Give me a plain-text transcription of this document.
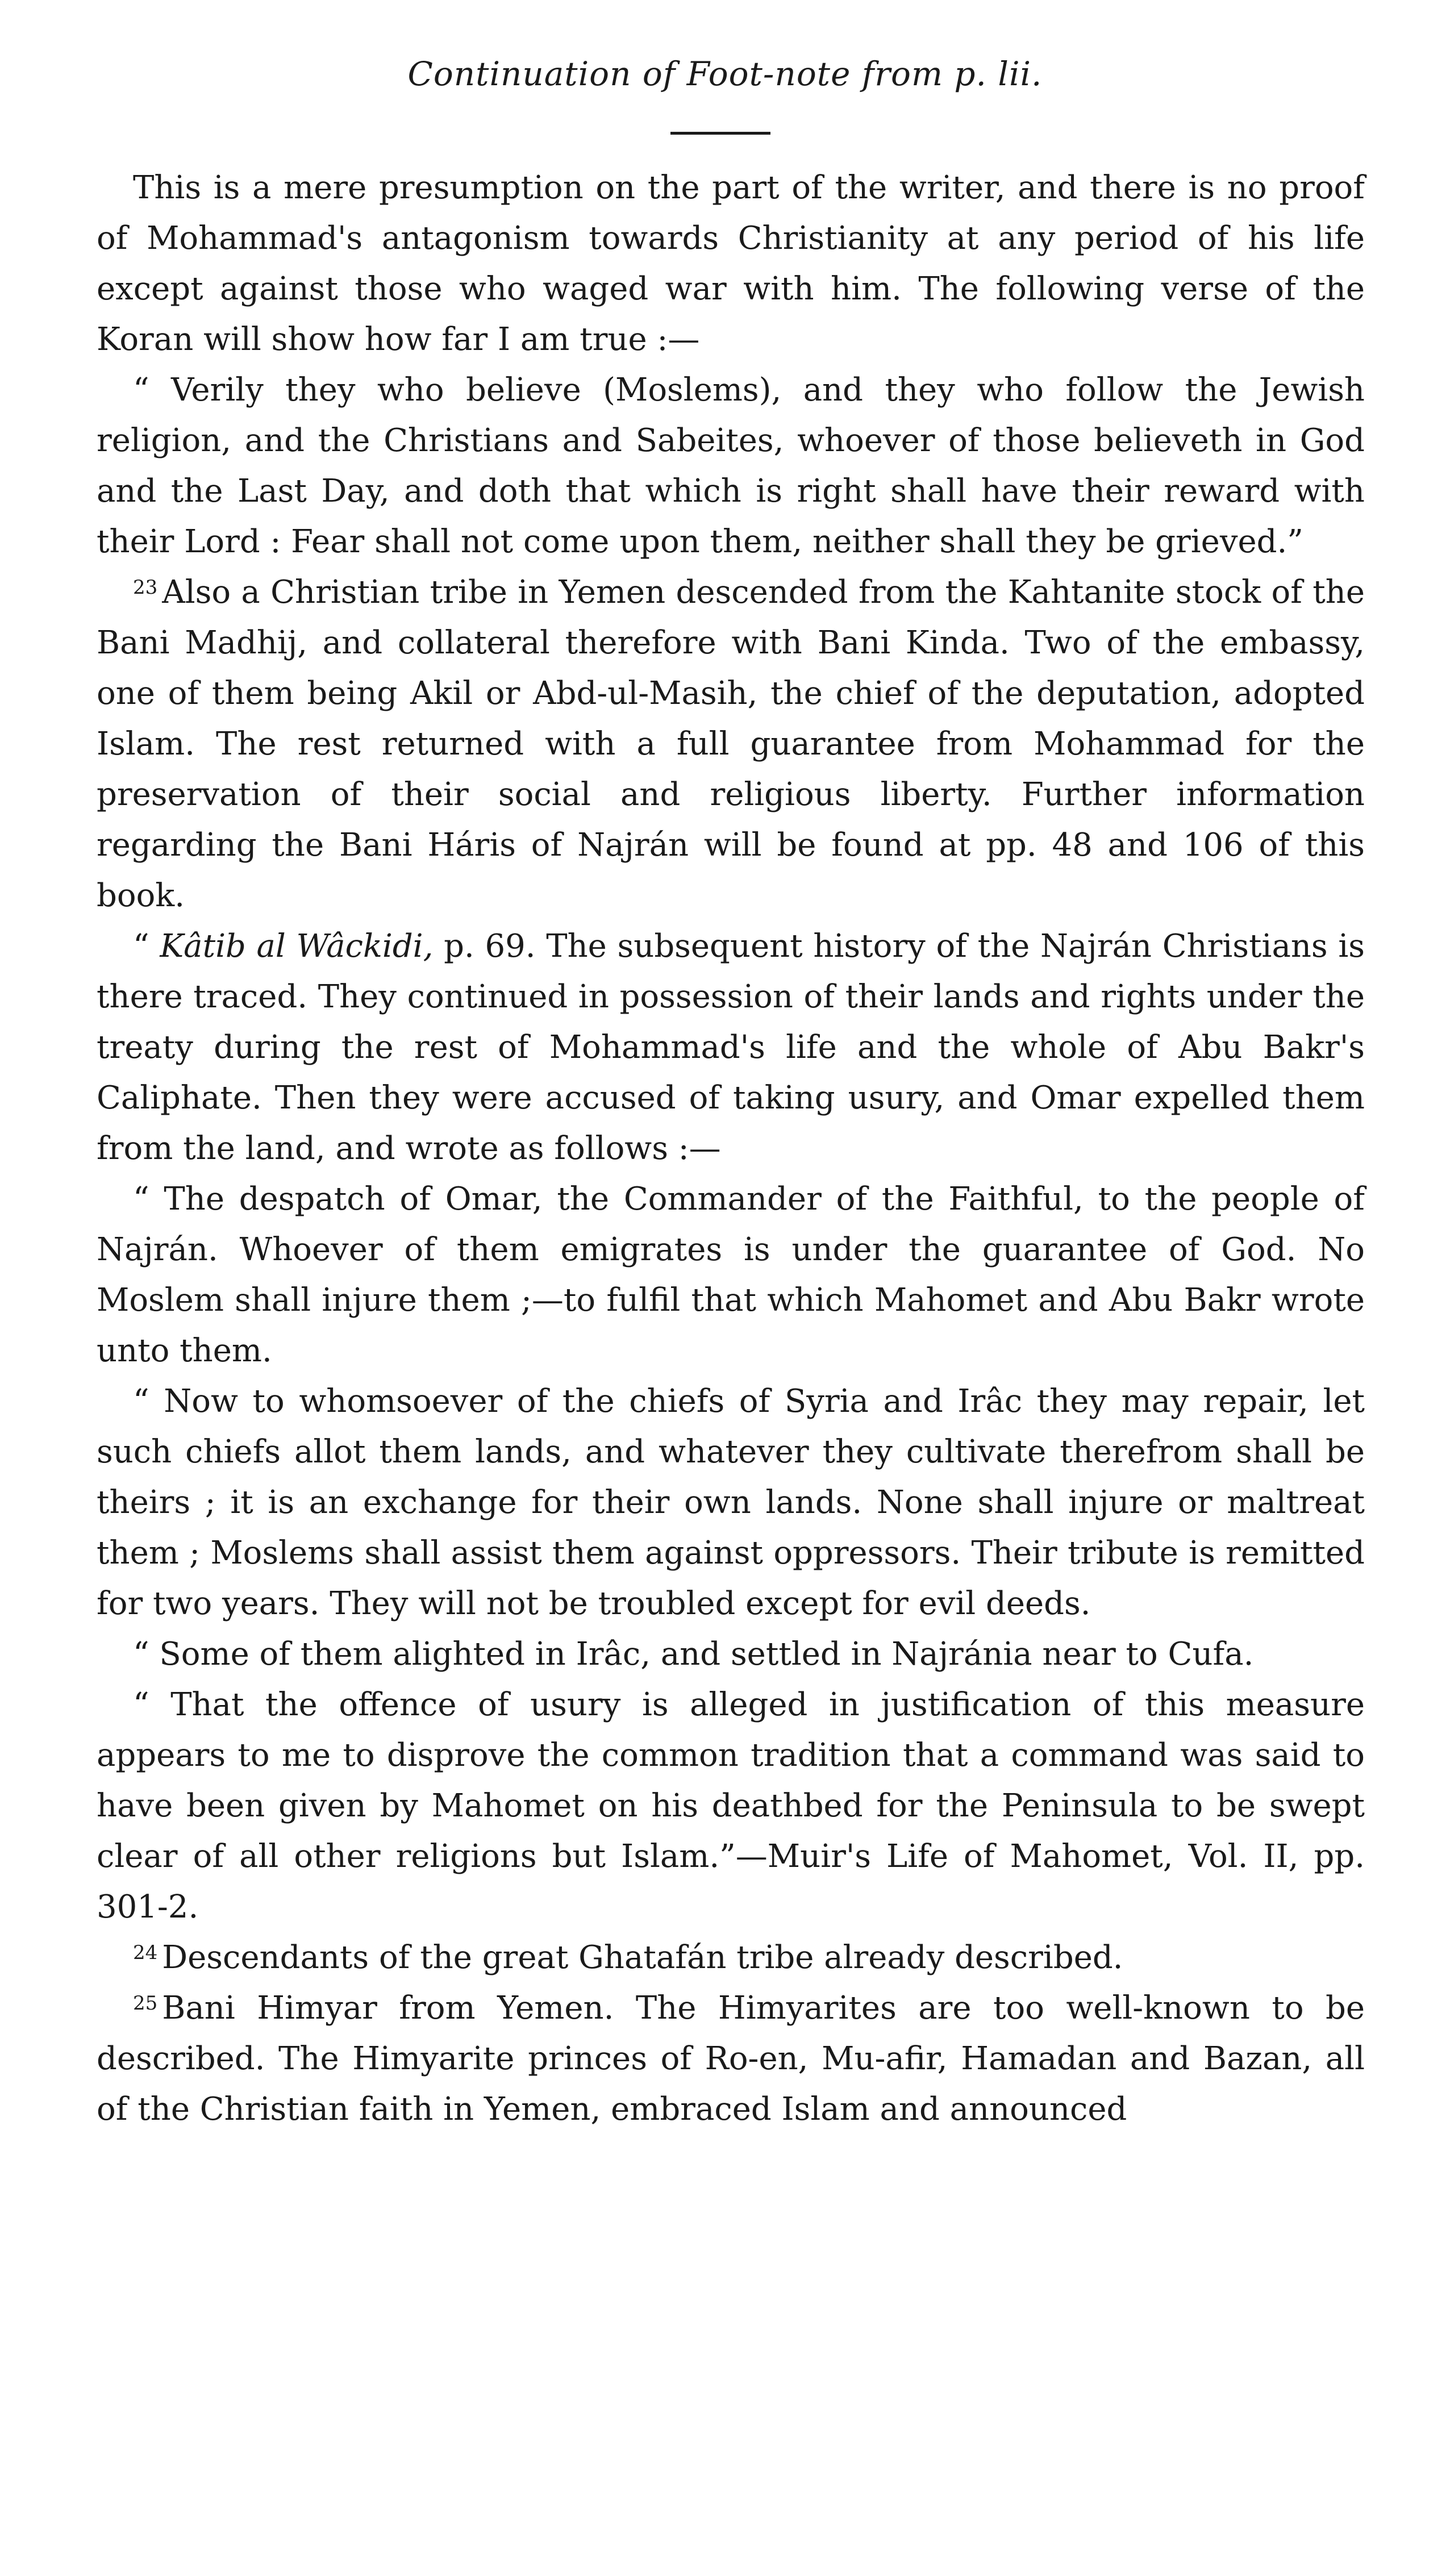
Continuation of Foot-note from p. lii.

This is a mere presumption on the part of the writer, and there is no proof of Mohammad's antagonism towards Christianity at any period of his life except against those who waged war with him. The following verse of the Koran will show how far I am true :—

“ Verily they who believe (Moslems), and they who follow the Jewish religion, and the Christians and Sabeites, whoever of those believeth in God and the Last Day, and doth that which is right shall have their reward with their Lord : Fear shall not come upon them, neither shall they be grieved.”

$^{23}$ Also a Christian tribe in Yemen descended from the Kahtanite stock of the Bani Madhij, and collateral therefore with Bani Kinda. Two of the embassy, one of them being Akil or Abd-ul-Masih, the chief of the deputation, adopted Islam. The rest returned with a full guarantee from Mohammad for the preservation of their social and religious liberty. Further information regarding the Bani Háris of Najrán will be found at pp. 48 and 106 of this book.

“ Kâtib al Wâckidi, p. 69. The subsequent history of the Najrán Christians is there traced. They continued in possession of their lands and rights under the treaty during the rest of Mohammad's life and the whole of Abu Bakr's Caliphate. Then they were accused of taking usury, and Omar expelled them from the land, and wrote as follows :—

“ The despatch of Omar, the Commander of the Faithful, to the people of Najrán. Whoever of them emigrates is under the guarantee of God. No Moslem shall injure them ;—to fulfil that which Mahomet and Abu Bakr wrote unto them.

“ Now to whomsoever of the chiefs of Syria and Irâc they may repair, let such chiefs allot them lands, and whatever they cultivate therefrom shall be theirs ; it is an exchange for their own lands. None shall injure or maltreat them ; Moslems shall assist them against oppressors. Their tribute is remitted for two years. They will not be troubled except for evil deeds.

“ Some of them alighted in Irâc, and settled in Najránia near to Cufa.

“ That the offence of usury is alleged in justification of this measure appears to me to disprove the common tradition that a command was said to have been given by Mahomet on his deathbed for the Peninsula to be swept clear of all other religions but Islam.”—Muir's Life of Mahomet, Vol. II, pp. 301-2.

$^{24}$ Descendants of the great Ghatafán tribe already described.

$^{25}$ Bani Himyar from Yemen. The Himyarites are too well-known to be described. The Himyarite princes of Ro-en, Mu-afir, Hamadan and Bazan, all of the Christian faith in Yemen, embraced Islam and announced
